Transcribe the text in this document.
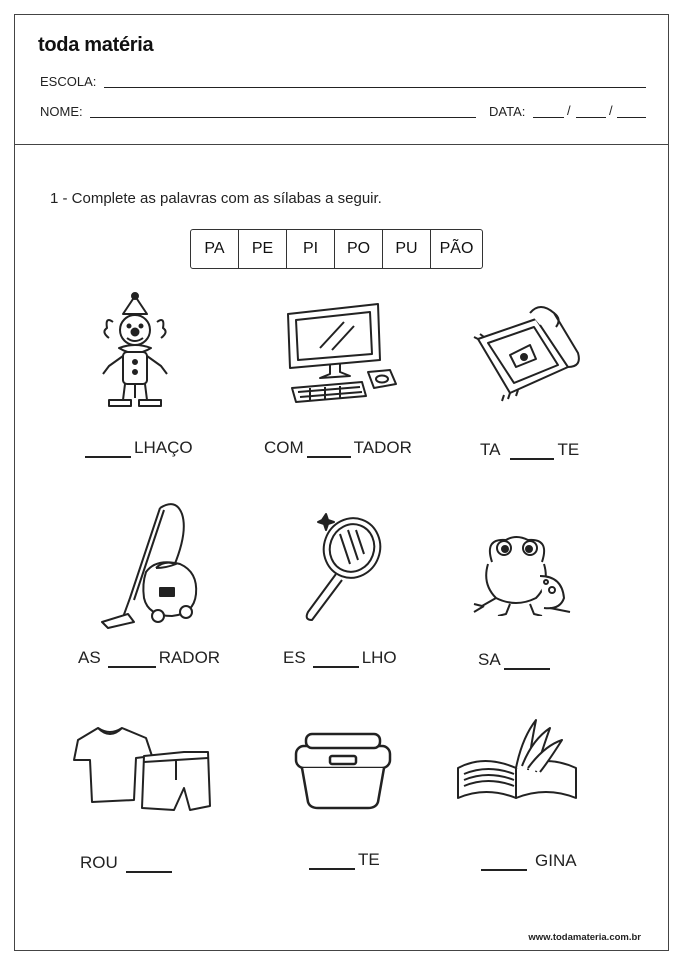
toda matéria
ESCOLA:
NOME:	DATA:	/	/
1 - Complete as palavras com as sílabas a seguir.
PA	PE	PI	PO	PU	PÃO
LHAÇO	COM	TADOR	TA	TE
AS	RADOR	ES	LHO	SA
ROU	TE	GINA
www.todamateria.com.br
